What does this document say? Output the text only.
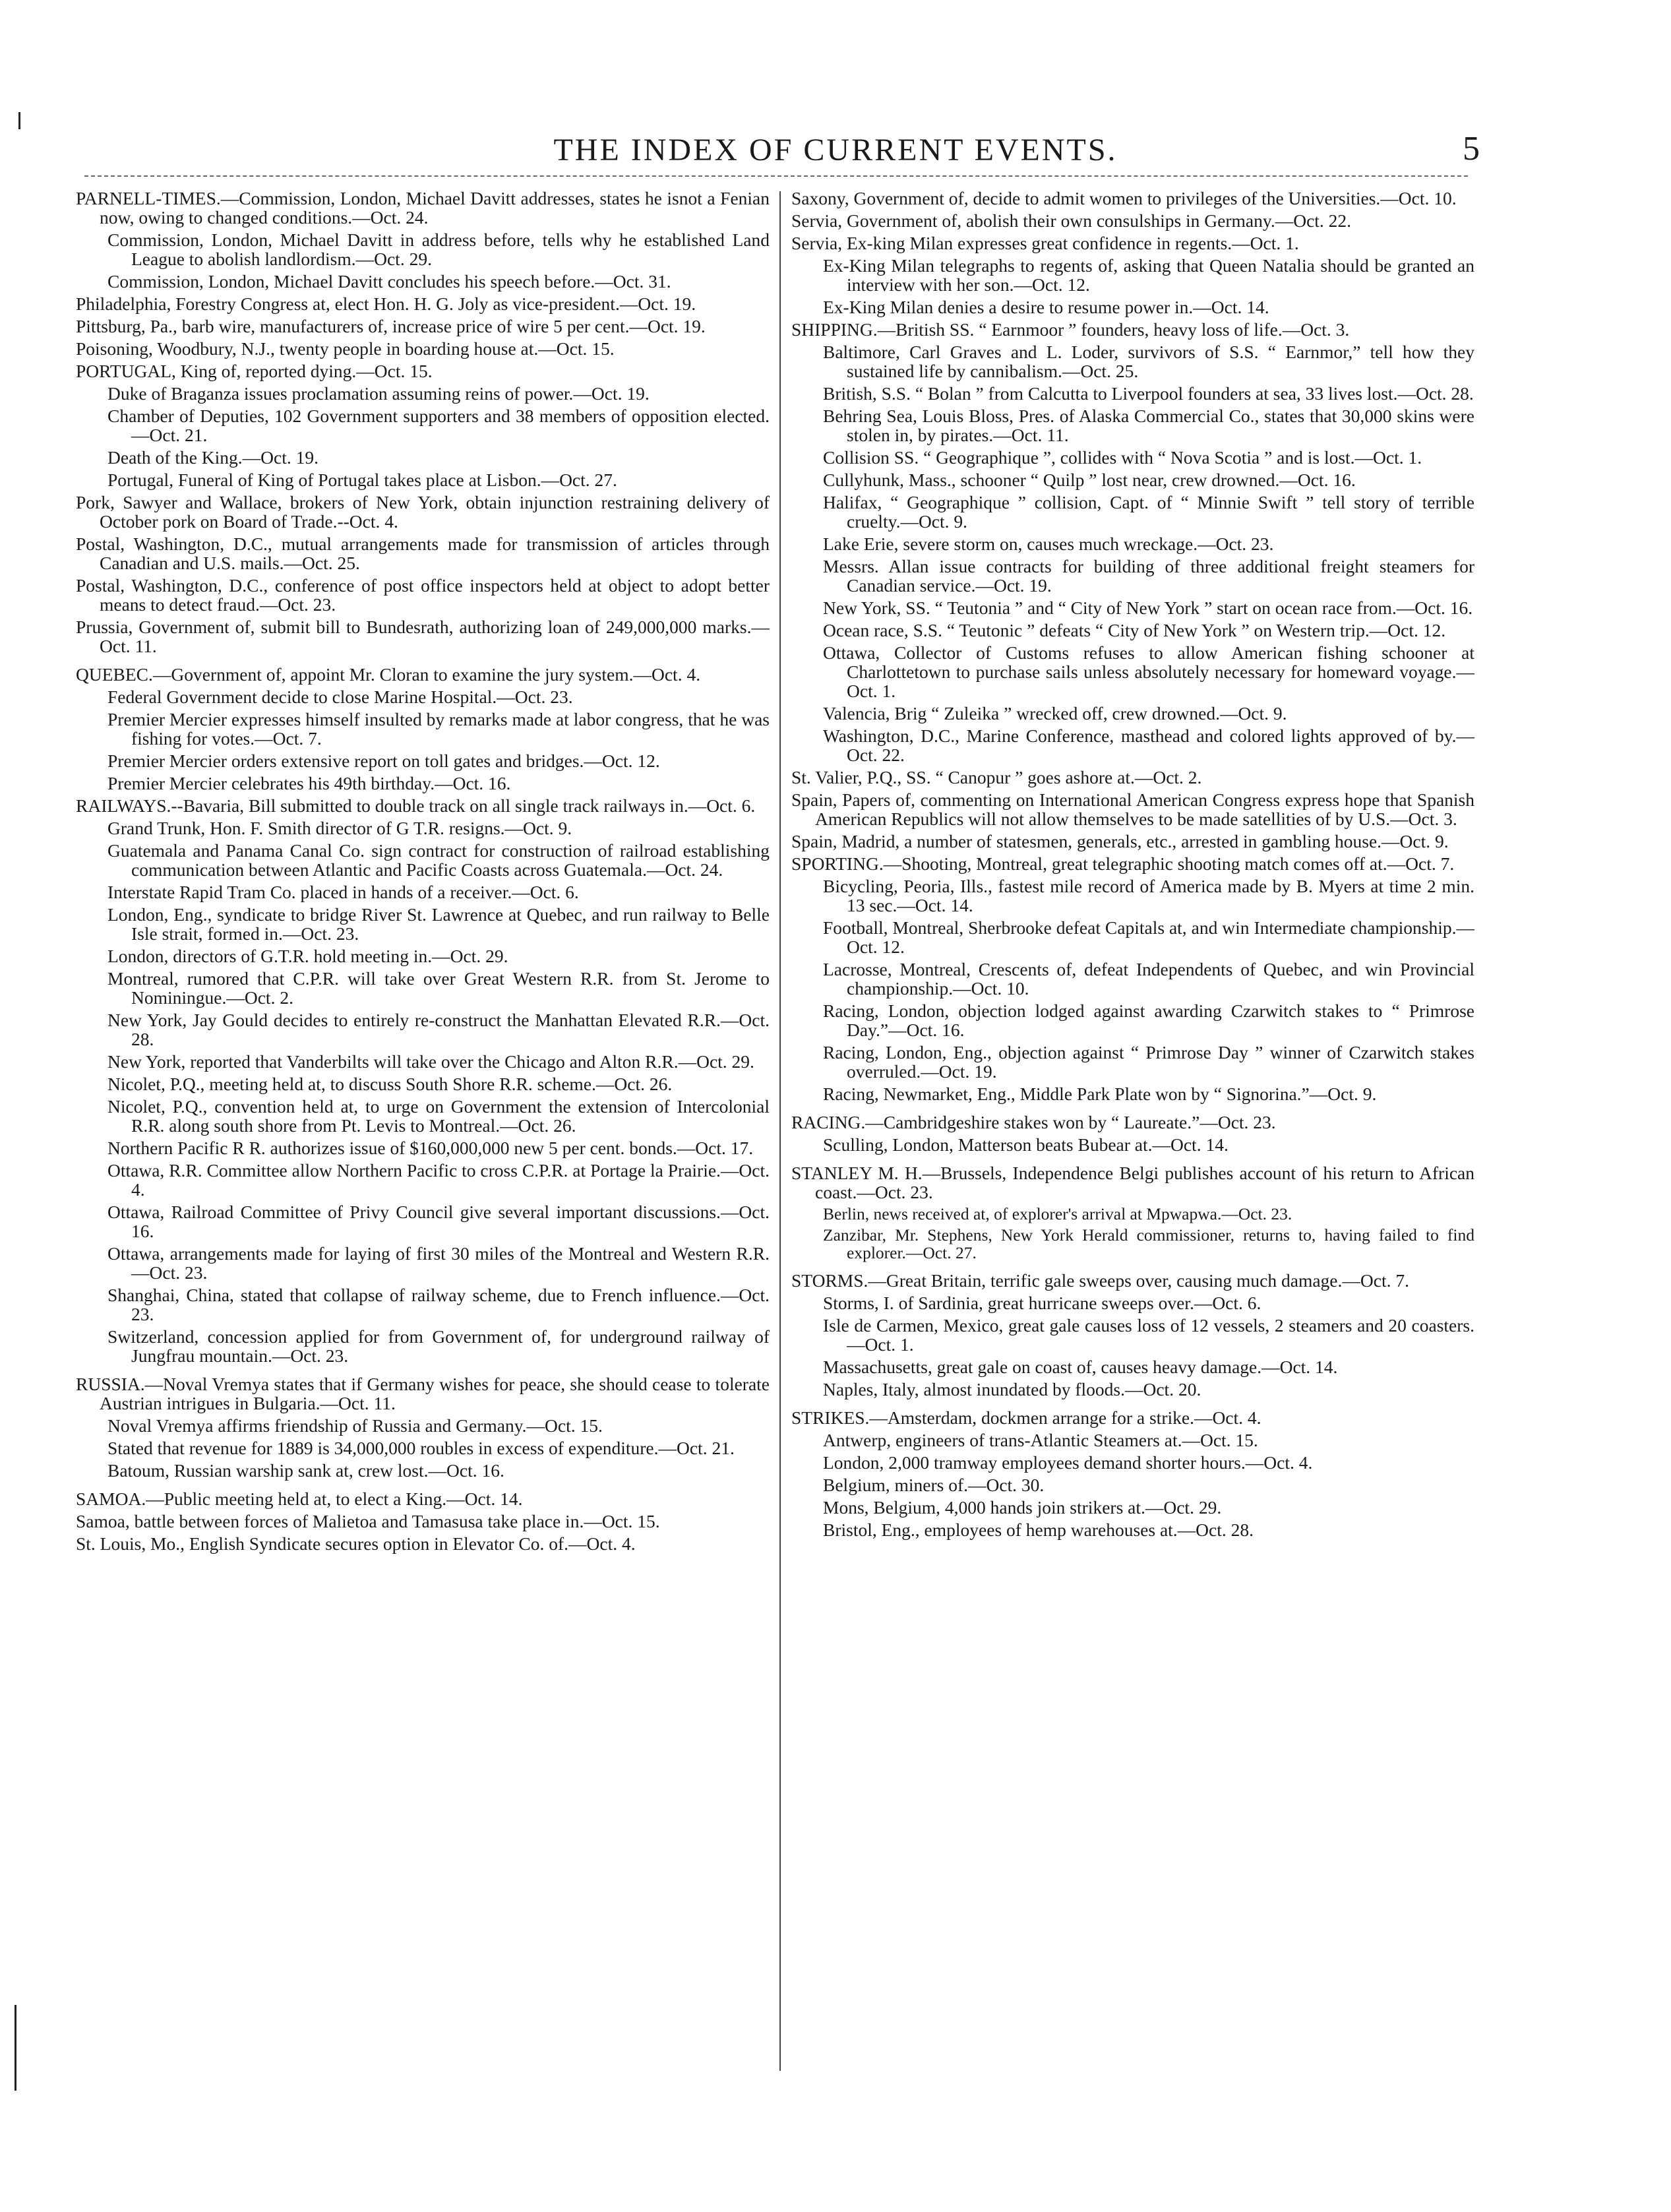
THE INDEX OF CURRENT EVENTS.	5

PARNELL-TIMES.—Commission, London, Michael Davitt addresses, states he isnot a Fenian now, owing to changed conditions.—Oct. 24.

Commission, London, Michael Davitt in address before, tells why he established Land League to abolish landlordism.—Oct. 29.

Commission, London, Michael Davitt concludes his speech before.—Oct. 31.

Philadelphia, Forestry Congress at, elect Hon. H. G. Joly as vice-president.—Oct. 19.

Pittsburg, Pa., barb wire, manufacturers of, increase price of wire 5 per cent.—Oct. 19.

Poisoning, Woodbury, N.J., twenty people in boarding house at.—Oct. 15.

PORTUGAL, King of, reported dying.—Oct. 15.

Duke of Braganza issues proclamation assuming reins of power.—Oct. 19.

Chamber of Deputies, 102 Government supporters and 38 members of opposition elected.—Oct. 21.

Death of the King.—Oct. 19.

Portugal, Funeral of King of Portugal takes place at Lisbon.—Oct. 27.

Pork, Sawyer and Wallace, brokers of New York, obtain injunction restraining delivery of October pork on Board of Trade.--Oct. 4.

Postal, Washington, D.C., mutual arrangements made for transmission of articles through Canadian and U.S. mails.—Oct. 25.

Postal, Washington, D.C., conference of post office inspectors held at object to adopt better means to detect fraud.—Oct. 23.

Prussia, Government of, submit bill to Bundesrath, authorizing loan of 249,000,000 marks.—Oct. 11.

QUEBEC.—Government of, appoint Mr. Cloran to examine the jury system.—Oct. 4.

Federal Government decide to close Marine Hospital.—Oct. 23.

Premier Mercier expresses himself insulted by remarks made at labor congress, that he was fishing for votes.—Oct. 7.

Premier Mercier orders extensive report on toll gates and bridges.—Oct. 12.

Premier Mercier celebrates his 49th birthday.—Oct. 16.

RAILWAYS.--Bavaria, Bill submitted to double track on all single track railways in.—Oct. 6.

Grand Trunk, Hon. F. Smith director of G T.R. resigns.—Oct. 9.

Guatemala and Panama Canal Co. sign contract for construction of railroad establishing communication between Atlantic and Pacific Coasts across Guatemala.—Oct. 24.

Interstate Rapid Tram Co. placed in hands of a receiver.—Oct. 6.

London, Eng., syndicate to bridge River St. Lawrence at Quebec, and run railway to Belle Isle strait, formed in.—Oct. 23.

London, directors of G.T.R. hold meeting in.—Oct. 29.

Montreal, rumored that C.P.R. will take over Great Western R.R. from St. Jerome to Nominingue.—Oct. 2.

New York, Jay Gould decides to entirely re-construct the Manhattan Elevated R.R.—Oct. 28.

New York, reported that Vanderbilts will take over the Chicago and Alton R.R.—Oct. 29.

Nicolet, P.Q., meeting held at, to discuss South Shore R.R. scheme.—Oct. 26.

Nicolet, P.Q., convention held at, to urge on Government the extension of Intercolonial R.R. along south shore from Pt. Levis to Montreal.—Oct. 26.

Northern Pacific R R. authorizes issue of $160,000,000 new 5 per cent. bonds.—Oct. 17.

Ottawa, R.R. Committee allow Northern Pacific to cross C.P.R. at Portage la Prairie.—Oct. 4.

Ottawa, Railroad Committee of Privy Council give several important discussions.—Oct. 16.

Ottawa, arrangements made for laying of first 30 miles of the Montreal and Western R.R.—Oct. 23.

Shanghai, China, stated that collapse of railway scheme, due to French influence.—Oct. 23.

Switzerland, concession applied for from Government of, for underground railway of Jungfrau mountain.—Oct. 23.

RUSSIA.—Noval Vremya states that if Germany wishes for peace, she should cease to tolerate Austrian intrigues in Bulgaria.—Oct. 11.

Noval Vremya affirms friendship of Russia and Germany.—Oct. 15.

Stated that revenue for 1889 is 34,000,000 roubles in excess of expenditure.—Oct. 21.

Batoum, Russian warship sank at, crew lost.—Oct. 16.

SAMOA.—Public meeting held at, to elect a King.—Oct. 14.

Samoa, battle between forces of Malietoa and Tamasusa take place in.—Oct. 15.

St. Louis, Mo., English Syndicate secures option in Elevator Co. of.—Oct. 4.

Saxony, Government of, decide to admit women to privileges of the Universities.—Oct. 10.

Servia, Government of, abolish their own consulships in Germany.—Oct. 22.

Servia, Ex-king Milan expresses great confidence in regents.—Oct. 1.

Ex-King Milan telegraphs to regents of, asking that Queen Natalia should be granted an interview with her son.—Oct. 12.

Ex-King Milan denies a desire to resume power in.—Oct. 14.

SHIPPING.—British SS. “ Earnmoor ” founders, heavy loss of life.—Oct. 3.

Baltimore, Carl Graves and L. Loder, survivors of S.S. “ Earnmor,” tell how they sustained life by cannibalism.—Oct. 25.

British, S.S. “ Bolan ” from Calcutta to Liverpool founders at sea, 33 lives lost.—Oct. 28.

Behring Sea, Louis Bloss, Pres. of Alaska Commercial Co., states that 30,000 skins were stolen in, by pirates.—Oct. 11.

Collision SS. “ Geographique ”, collides with “ Nova Scotia ” and is lost.—Oct. 1.

Cullyhunk, Mass., schooner “ Quilp ” lost near, crew drowned.—Oct. 16.

Halifax, “ Geographique ” collision, Capt. of “ Minnie Swift ” tell story of terrible cruelty.—Oct. 9.

Lake Erie, severe storm on, causes much wreckage.—Oct. 23.

Messrs. Allan issue contracts for building of three additional freight steamers for Canadian service.—Oct. 19.

New York, SS. “ Teutonia ” and “ City of New York ” start on ocean race from.—Oct. 16.

Ocean race, S.S. “ Teutonic ” defeats “ City of New York ” on Western trip.—Oct. 12.

Ottawa, Collector of Customs refuses to allow American fishing schooner at Charlottetown to purchase sails unless absolutely necessary for homeward voyage.—Oct. 1.

Valencia, Brig “ Zuleika ” wrecked off, crew drowned.—Oct. 9.

Washington, D.C., Marine Conference, masthead and colored lights approved of by.—Oct. 22.

St. Valier, P.Q., SS. “ Canopur ” goes ashore at.—Oct. 2.

Spain, Papers of, commenting on International American Congress express hope that Spanish American Republics will not allow themselves to be made satellities of by U.S.—Oct. 3.

Spain, Madrid, a number of statesmen, generals, etc., arrested in gambling house.—Oct. 9.

SPORTING.—Shooting, Montreal, great telegraphic shooting match comes off at.—Oct. 7.

Bicycling, Peoria, Ills., fastest mile record of America made by B. Myers at time 2 min. 13 sec.—Oct. 14.

Football, Montreal, Sherbrooke defeat Capitals at, and win Intermediate championship.—Oct. 12.

Lacrosse, Montreal, Crescents of, defeat Independents of Quebec, and win Provincial championship.—Oct. 10.

Racing, London, objection lodged against awarding Czarwitch stakes to “ Primrose Day.”—Oct. 16.

Racing, London, Eng., objection against “ Primrose Day ” winner of Czarwitch stakes overruled.—Oct. 19.

Racing, Newmarket, Eng., Middle Park Plate won by “ Signorina.”—Oct. 9.

RACING.—Cambridgeshire stakes won by “ Laureate.”—Oct. 23.

Sculling, London, Matterson beats Bubear at.—Oct. 14.

STANLEY M. H.—Brussels, Independence Belgi publishes account of his return to African coast.—Oct. 23.

Berlin, news received at, of explorer's arrival at Mpwapwa.—Oct. 23.

Zanzibar, Mr. Stephens, New York Herald commissioner, returns to, having failed to find explorer.—Oct. 27.

STORMS.—Great Britain, terrific gale sweeps over, causing much damage.—Oct. 7.

Storms, I. of Sardinia, great hurricane sweeps over.—Oct. 6.

Isle de Carmen, Mexico, great gale causes loss of 12 vessels, 2 steamers and 20 coasters.—Oct. 1.

Massachusetts, great gale on coast of, causes heavy damage.—Oct. 14.

Naples, Italy, almost inundated by floods.—Oct. 20.

STRIKES.—Amsterdam, dockmen arrange for a strike.—Oct. 4.

Antwerp, engineers of trans-Atlantic Steamers at.—Oct. 15.

London, 2,000 tramway employees demand shorter hours.—Oct. 4.

Belgium, miners of.—Oct. 30.

Mons, Belgium, 4,000 hands join strikers at.—Oct. 29.

Bristol, Eng., employees of hemp warehouses at.—Oct. 28.
